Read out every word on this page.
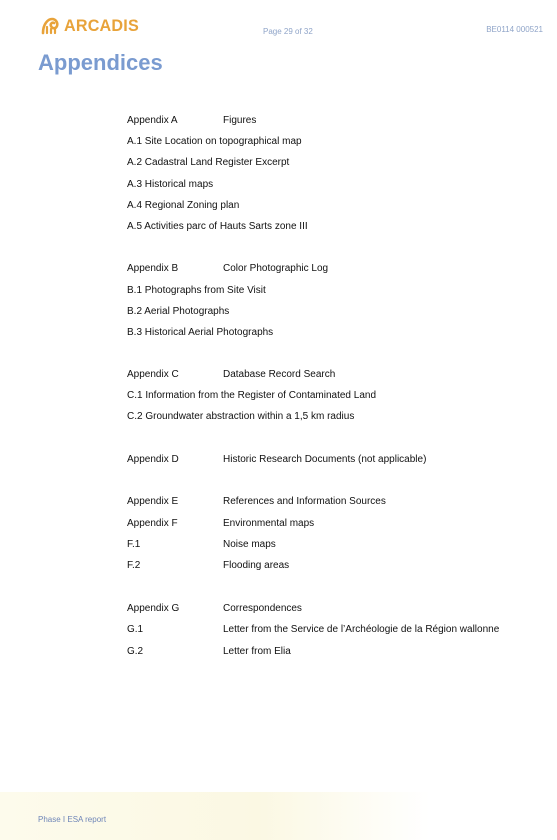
ARCADIS	Page 29 of 32	BE0114 000521
Appendices
Appendix A	Figures
A.1 Site Location on topographical map
A.2 Cadastral Land Register Excerpt
A.3 Historical maps
A.4 Regional Zoning plan
A.5 Activities parc of Hauts Sarts zone III
Appendix B	Color Photographic Log
B.1 Photographs from Site Visit
B.2 Aerial Photographs
B.3 Historical Aerial Photographs
Appendix C	Database Record Search
C.1 Information from the Register of Contaminated Land
C.2 Groundwater abstraction within a 1,5 km radius
Appendix D	Historic Research Documents (not applicable)
Appendix E	References and Information Sources
Appendix F	Environmental maps
F.1	Noise maps
F.2	Flooding areas
Appendix G	Correspondences
G.1	Letter from the Service de l’Archéologie de la Région wallonne
G.2	Letter from Elia
Phase I ESA report
